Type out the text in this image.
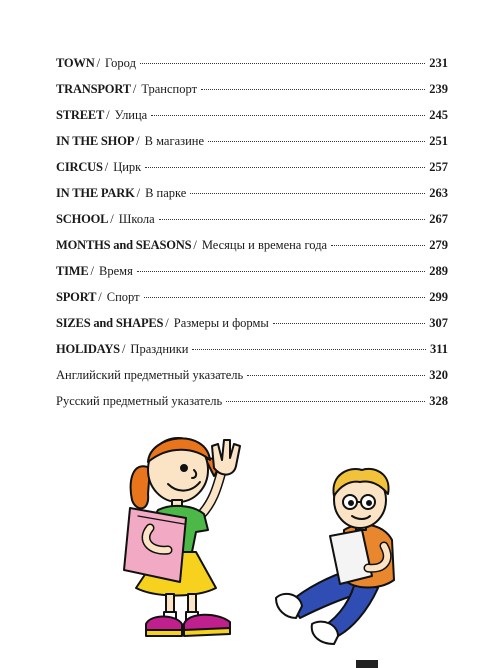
TOWN / Город	231
TRANSPORT / Транспорт	239
STREET / Улица	245
IN THE SHOP / В магазине	251
CIRCUS / Цирк	257
IN THE PARK / В парке	263
SCHOOL / Школа	267
MONTHS and SEASONS / Месяцы и времена года	279
TIME / Время	289
SPORT / Спорт	299
SIZES and SHAPES / Размеры и формы	307
HOLIDAYS / Праздники	311
Английский предметный указатель	320
Русский предметный указатель	328
